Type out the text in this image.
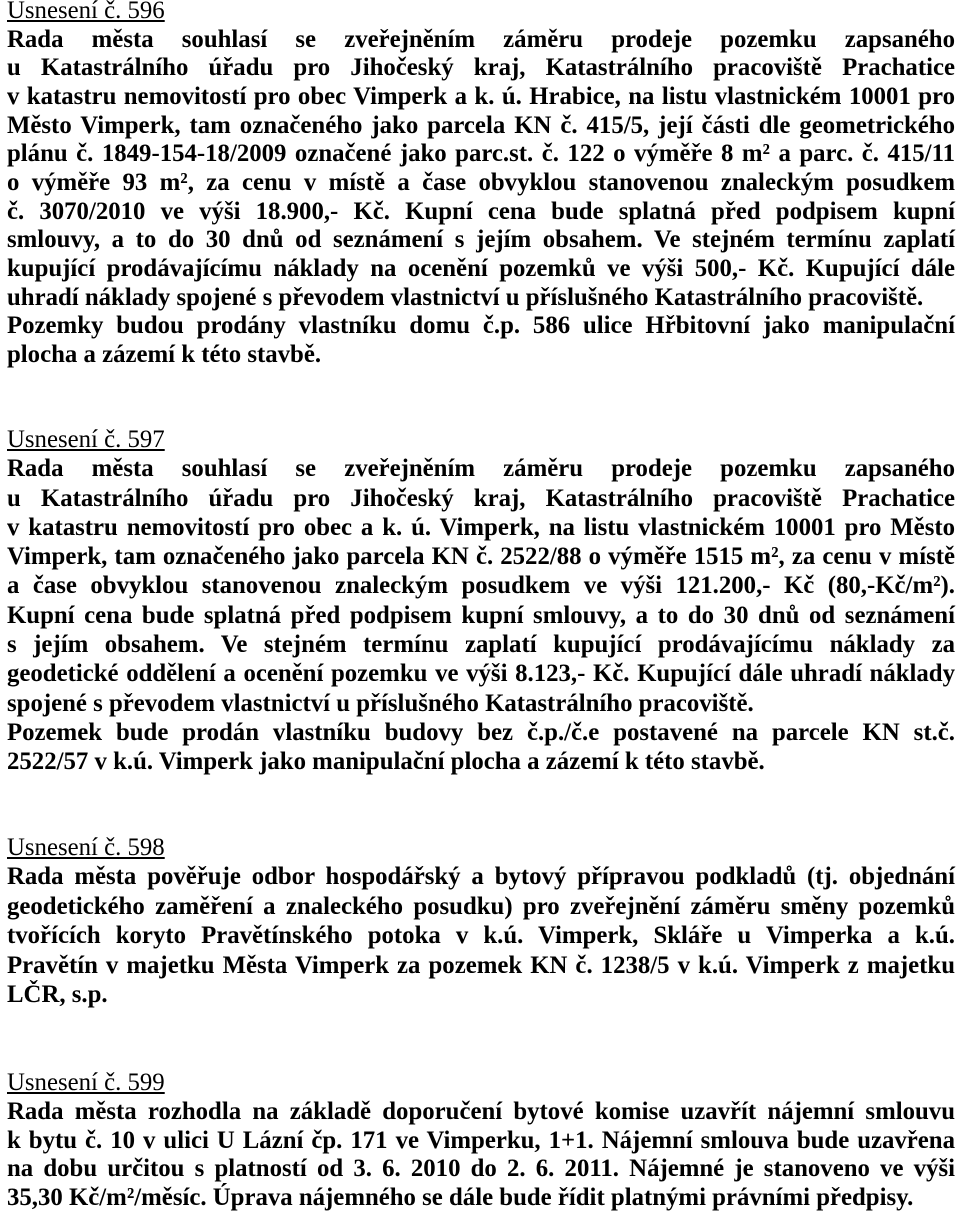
Usnesení č. 596
Rada města souhlasí se zveřejněním záměru prodeje pozemku zapsaného
u Katastrálního úřadu pro Jihočeský kraj, Katastrálního pracoviště Prachatice
v katastru nemovitostí pro obec Vimperk a k. ú. Hrabice, na listu vlastnickém 10001 pro
Město Vimperk, tam označeného jako parcela KN č. 415/5, její části dle geometrického
plánu č. 1849-154-18/2009 označené jako parc.st. č. 122 o výměře 8 m² a parc. č. 415/11
o výměře 93 m², za cenu v místě a čase obvyklou stanovenou znaleckým posudkem
č. 3070/2010 ve výši 18.900,- Kč. Kupní cena bude splatná před podpisem kupní
smlouvy, a to do 30 dnů od seznámení s jejím obsahem. Ve stejném termínu zaplatí
kupující prodávajícímu náklady na ocenění pozemků ve výši 500,- Kč. Kupující dále
uhradí náklady spojené s převodem vlastnictví u příslušného Katastrálního pracoviště.
Pozemky budou prodány vlastníku domu č.p. 586 ulice Hřbitovní jako manipulační
plocha a zázemí k této stavbě.
Usnesení č. 597
Rada města souhlasí se zveřejněním záměru prodeje pozemku zapsaného
u Katastrálního úřadu pro Jihočeský kraj, Katastrálního pracoviště Prachatice
v katastru nemovitostí pro obec a k. ú. Vimperk, na listu vlastnickém 10001 pro Město
Vimperk, tam označeného jako parcela KN č. 2522/88 o výměře 1515 m², za cenu v místě
a čase obvyklou stanovenou znaleckým posudkem ve výši 121.200,- Kč (80,-Kč/m²).
Kupní cena bude splatná před podpisem kupní smlouvy, a to do 30 dnů od seznámení
s jejím obsahem. Ve stejném termínu zaplatí kupující prodávajícímu náklady za
geodetické oddělení a ocenění pozemku ve výši 8.123,- Kč. Kupující dále uhradí náklady
spojené s převodem vlastnictví u příslušného Katastrálního pracoviště.
Pozemek bude prodán vlastníku budovy bez č.p./č.e postavené na parcele KN st.č.
2522/57 v k.ú. Vimperk jako manipulační plocha a zázemí k této stavbě.
Usnesení č. 598
Rada města pověřuje odbor hospodářský a bytový přípravou podkladů (tj. objednání
geodetického zaměření a znaleckého posudku) pro zveřejnění záměru směny pozemků
tvořících koryto Pravětínského potoka v k.ú. Vimperk, Skláře u Vimperka a k.ú.
Pravětín v majetku Města Vimperk za pozemek KN č. 1238/5 v k.ú. Vimperk z majetku
LČR, s.p.
Usnesení č. 599
Rada města rozhodla na základě doporučení bytové komise uzavřít nájemní smlouvu
k bytu č. 10 v ulici U Lázní čp. 171 ve Vimperku, 1+1. Nájemní smlouva bude uzavřena
na dobu určitou s platností od 3. 6. 2010 do 2. 6. 2011. Nájemné je stanoveno ve výši
35,30 Kč/m²/měsíc. Úprava nájemného se dále bude řídit platnými právními předpisy.
